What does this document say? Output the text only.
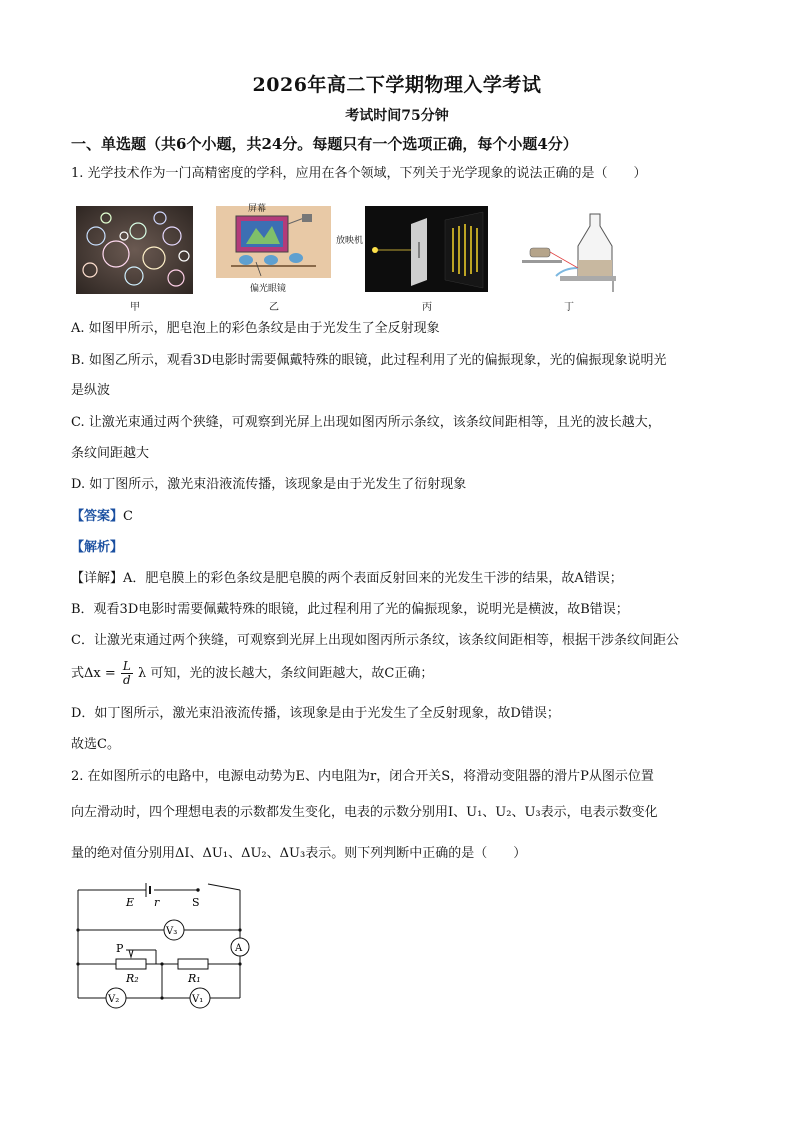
2026年高二下学期物理入学考试
考试时间75分钟
一、单选题（共6个小题，共24分。每题只有一个选项正确，每个小题4分）
1. 光学技术作为一门高精密度的学科，应用在各个领域，下列关于光学现象的说法正确的是（　　）
甲
屏幕
偏光眼镜
放映机
乙	丙	丁
A. 如图甲所示，肥皂泡上的彩色条纹是由于光发生了全反射现象
B. 如图乙所示，观看3D电影时需要佩戴特殊的眼镜，此过程利用了光的偏振现象，光的偏振现象说明光
是纵波
C. 让激光束通过两个狭缝，可观察到光屏上出现如图丙所示条纹，该条纹间距相等，且光的波长越大，
条纹间距越大
D. 如丁图所示，激光束沿液流传播，该现象是由于光发生了衍射现象
【答案】C
【解析】
【详解】A．肥皂膜上的彩色条纹是肥皂膜的两个表面反射回来的光发生干涉的结果，故A错误；
B．观看3D电影时需要佩戴特殊的眼镜，此过程利用了光的偏振现象，说明光是横波，故B错误；
C．让激光束通过两个狭缝，可观察到光屏上出现如图丙所示条纹，该条纹间距相等，根据干涉条纹间距公
式$\Delta x = \frac{L}{d}$ λ 可知，光的波长越大，条纹间距越大，故C正确；
D．如丁图所示，激光束沿液流传播，该现象是由于光发生了全反射现象，故D错误；
故选C。
2. 在如图所示的电路中，电源电动势为E、内电阻为r，闭合开关S，将滑动变阻器的滑片P从图示位置
向左滑动时，四个理想电表的示数都发生变化，电表的示数分别用I、U₁、U₂、U₃表示，电表示数变化
量的绝对值分别用ΔI、ΔU₁、ΔU₂、ΔU₃表示。则下列判断中正确的是（　　）
E r	S
V₃
A
P
R₂	R₁
V₂	V₁
